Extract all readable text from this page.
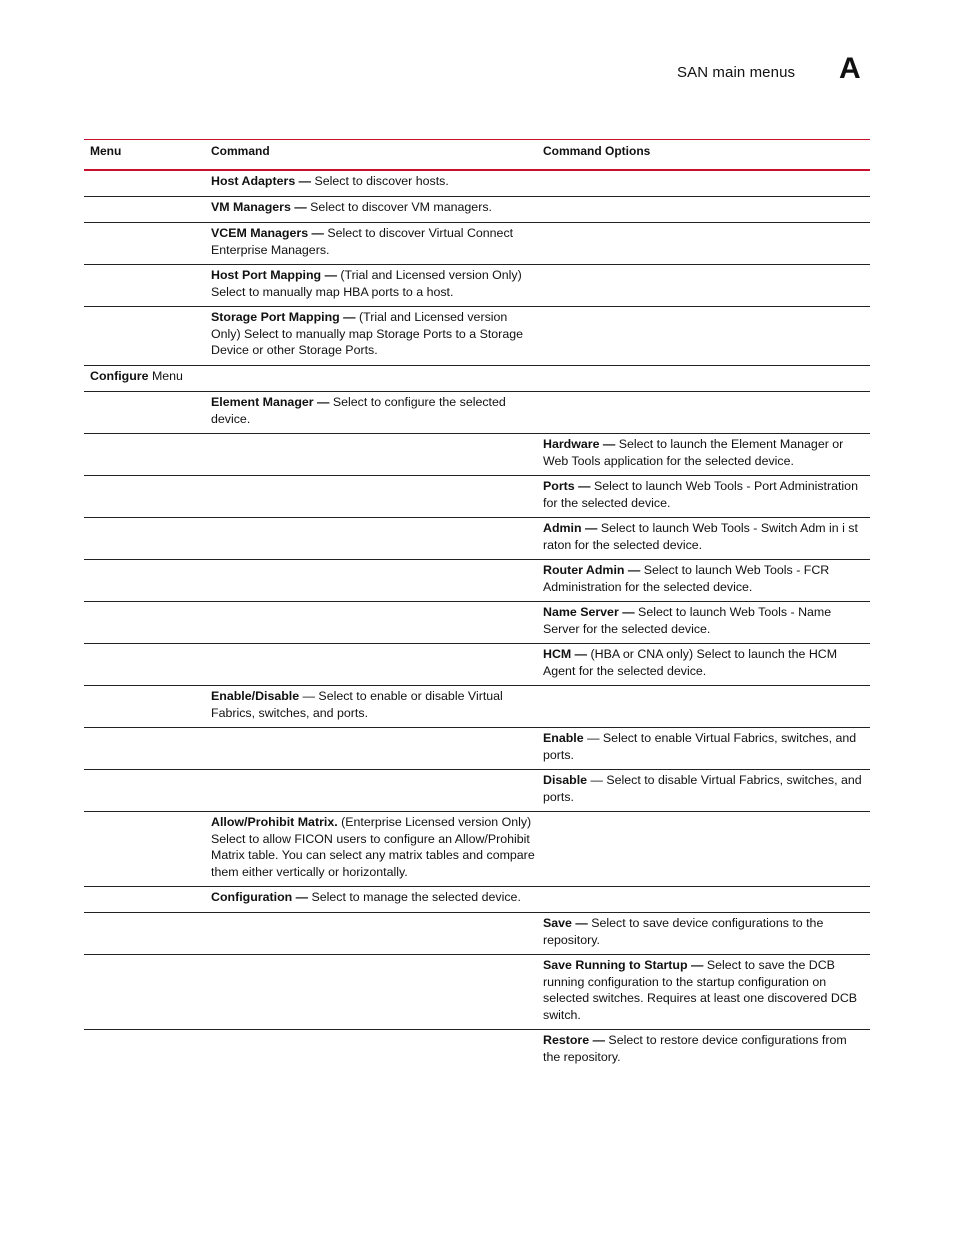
SAN main menus A
Menu	Command	Command Options
Host Adapters — Select to discover hosts.
VM Managers — Select to discover VM managers.
VCEM Managers — Select to discover Virtual Connect Enterprise Managers.
Host Port Mapping — (Trial and Licensed version Only) Select to manually map HBA ports to a host.
Storage Port Mapping — (Trial and Licensed version Only) Select to manually map Storage Ports to a Storage Device or other Storage Ports.
Configure Menu
Element Manager — Select to configure the selected device.
Hardware — Select to launch the Element Manager or Web Tools application for the selected device.
Ports — Select to launch Web Tools - Port Administration for the selected device.
Admin — Select to launch Web Tools - Switch Adm in i st raton for the selected device.
Router Admin — Select to launch Web Tools - FCR Administration for the selected device.
Name Server — Select to launch Web Tools - Name Server for the selected device.
HCM — (HBA or CNA only) Select to launch the HCM Agent for the selected device.
Enable/Disable — Select to enable or disable Virtual Fabrics, switches, and ports.
Enable — Select to enable Virtual Fabrics, switches, and ports.
Disable — Select to disable Virtual Fabrics, switches, and ports.
Allow/Prohibit Matrix. (Enterprise Licensed version Only) Select to allow FICON users to configure an Allow/Prohibit Matrix table. You can select any matrix tables and compare them either vertically or horizontally.
Configuration — Select to manage the selected device.
Save — Select to save device configurations to the repository.
Save Running to Startup — Select to save the DCB running configuration to the startup configuration on selected switches. Requires at least one discovered DCB switch.
Restore — Select to restore device configurations from the repository.
